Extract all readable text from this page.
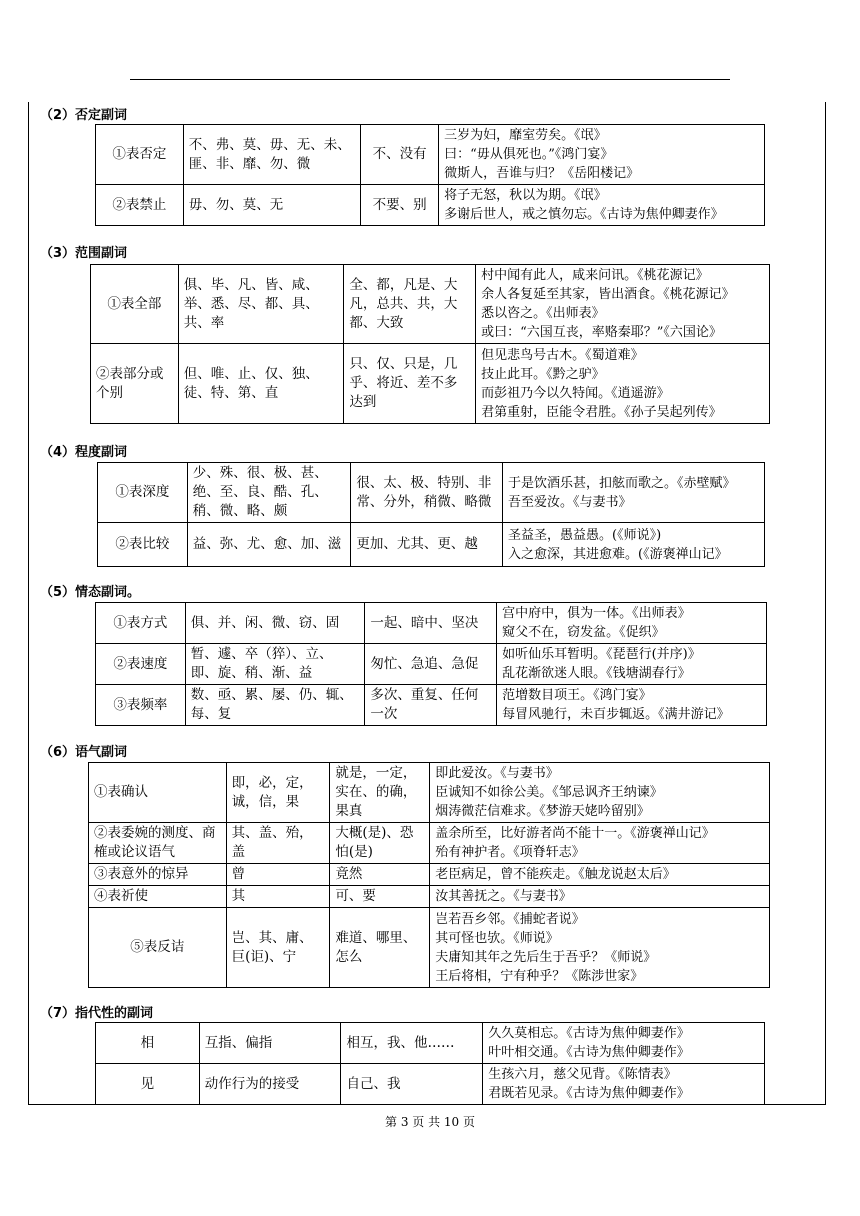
（2）否定副词
①表否定	不、弗、莫、毋、无、未、匪、非、靡、勿、微	不、没有	三岁为妇，靡室劳矣。《氓》
曰：“毋从俱死也。”《鸿门宴》
微斯人，吾谁与归？《岳阳楼记》

②表禁止	毋、勿、莫、无	不要、别	将子无怒，秋以为期。《氓》
多谢后世人，戒之慎勿忘。《古诗为焦仲卿妻作》
（3）范围副词
①表全部	俱、毕、凡、皆、咸、举、悉、尽、都、具、共、率	全、都，凡是、大凡，总共、共，大都、大致	村中闻有此人，咸来问讯。《桃花源记》
余人各复延至其家，皆出酒食。《桃花源记》
悉以咨之。《出师表》
或曰：“六国互丧，率赂秦耶？”《六国论》

②表部分或个别	但、唯、止、仅、独、徒、特、第、直	只、仅、只是，几乎、将近、差不多达到	但见悲鸟号古木。《蜀道难》
技止此耳。《黔之驴》
而彭祖乃今以久特闻。《逍遥游》
君第重射，臣能令君胜。《孙子吴起列传》
（4）程度副词
①表深度	少、殊、很、极、甚、绝、至、良、酷、孔、稍、微、略、颇	很、太、极、特别、非常、分外，稍微、略微	于是饮酒乐甚，扣舷而歌之。《赤壁赋》
吾至爱汝。《与妻书》

②表比较	益、弥、尤、愈、加、滋	更加、尤其、更、越	圣益圣，愚益愚。(《师说》)
入之愈深，其进愈难。(《游褒禅山记》
（5）情态副词。
①表方式	俱、并、闲、微、窃、固	一起、暗中、坚决	宫中府中，俱为一体。《出师表》
窥父不在，窃发盆。《促织》

②表速度	暂、遽、卒（猝）、立、即、旋、稍、渐、益	匆忙、急追、急促	如听仙乐耳暂明。《琵琶行(并序)》
乱花渐欲迷人眼。《钱塘湖春行》

③表频率	数、亟、累、屡、仍、辄、每、复	多次、重复、任何一次	范增数目项王。《鸿门宴》
每冒风驰行，未百步辄返。《满井游记》
（6）语气副词
①表确认	即，必，定，诚，信，果	就是，一定，实在、的确，果真	即此爱汝。《与妻书》
臣诚知不如徐公美。《邹忌讽齐王纳谏》
烟涛微茫信难求。《梦游天姥吟留别》

②表委婉的测度、商榷或论议语气	其、盖、殆，盖	大概(是)、恐怕(是)	盖余所至，比好游者尚不能十一。《游褒禅山记》
殆有神护者。《项脊轩志》

③表意外的惊异	曾	竟然	老臣病足，曾不能疾走。《触龙说赵太后》

④表祈使	其	可、要	汝其善抚之。《与妻书》

⑤表反诘	岂、其、庸、巨(讵)、宁	难道、哪里、怎么	岂若吾乡邻。《捕蛇者说》
其可怪也欤。《师说》
夫庸知其年之先后生于吾乎？《师说》
王后将相，宁有种乎？《陈涉世家》
（7）指代性的副词
相	互指、偏指	相互，我、他……	久久莫相忘。《古诗为焦仲卿妻作》
叶叶相交通。《古诗为焦仲卿妻作》

见	动作行为的接受	自己、我	生孩六月，慈父见背。《陈情表》
君既若见录。《古诗为焦仲卿妻作》
第 3 页 共 10 页
